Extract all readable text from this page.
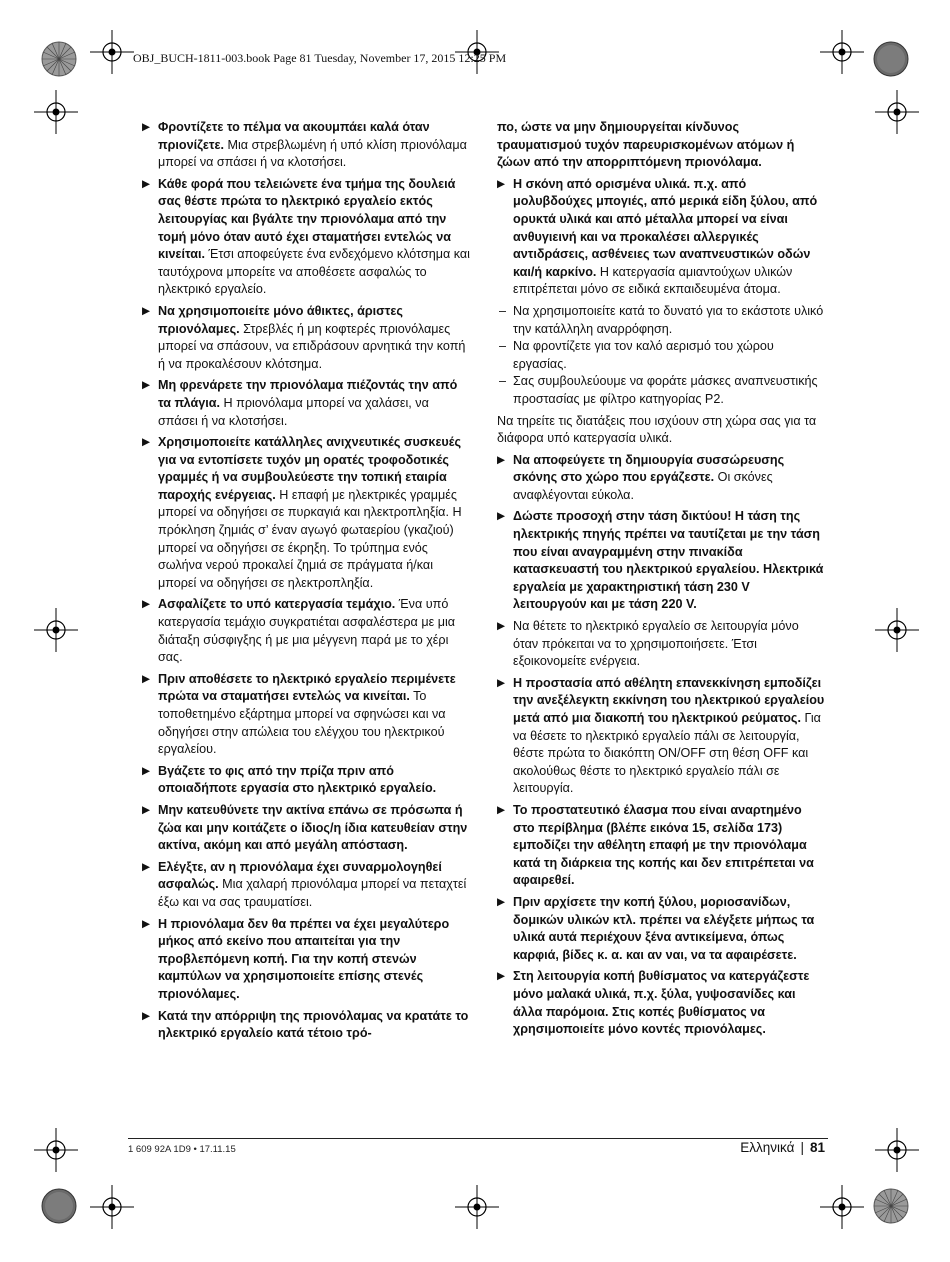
OBJ_BUCH-1811-003.book Page 81 Tuesday, November 17, 2015 12:25 PM

▶ Φροντίζετε το πέλμα να ακουμπάει καλά όταν πριονίζετε. Μια στρεβλωμένη ή υπό κλίση πριονόλαμα μπορεί να σπάσει ή να κλοτσήσει.

▶ Κάθε φορά που τελειώνετε ένα τμήμα της δουλειά σας θέστε πρώτα το ηλεκτρικό εργαλείο εκτός λειτουργίας και βγάλτε την πριονόλαμα από την τομή μόνο όταν αυτό έχει σταματήσει εντελώς να κινείται. Έτσι αποφεύγετε ένα ενδεχόμενο κλότσημα και ταυτόχρονα μπορείτε να αποθέσετε ασφαλώς το ηλεκτρικό εργαλείο.

▶ Να χρησιμοποιείτε μόνο άθικτες, άριστες πριονόλαμες. Στρεβλές ή μη κοφτερές πριονόλαμες μπορεί να σπάσουν, να επιδράσουν αρνητικά την κοπή ή να προκαλέσουν κλότσημα.

▶ Μη φρενάρετε την πριονόλαμα πιέζοντάς την από τα πλάγια. Η πριονόλαμα μπορεί να χαλάσει, να σπάσει ή να κλοτσήσει.

▶ Χρησιμοποιείτε κατάλληλες ανιχνευτικές συσκευές για να εντοπίσετε τυχόν μη ορατές τροφοδοτικές γραμμές ή να συμβουλεύεστε την τοπική εταιρία παροχής ενέργειας. Η επαφή με ηλεκτρικές γραμμές μπορεί να οδηγήσει σε πυρκαγιά και ηλεκτροπληξία. Η πρόκληση ζημιάς σ’ έναν αγωγό φωταερίου (γκαζιού) μπορεί να οδηγήσει σε έκρηξη. Το τρύπημα ενός σωλήνα νερού προκαλεί ζημιά σε πράγματα ή/και μπορεί να οδηγήσει σε ηλεκτροπληξία.

▶ Ασφαλίζετε το υπό κατεργασία τεμάχιο. Ένα υπό κατεργασία τεμάχιο συγκρατιέται ασφαλέστερα με μια διάταξη σύσφιγξης ή με μια μέγγενη παρά με το χέρι σας.

▶ Πριν αποθέσετε το ηλεκτρικό εργαλείο περιμένετε πρώτα να σταματήσει εντελώς να κινείται. Το τοποθετημένο εξάρτημα μπορεί να σφηνώσει και να οδηγήσει στην απώλεια του ελέγχου του ηλεκτρικού εργαλείου.

▶ Βγάζετε το φις από την πρίζα πριν από οποιαδήποτε εργασία στο ηλεκτρικό εργαλείο.

▶ Μην κατευθύνετε την ακτίνα επάνω σε πρόσωπα ή ζώα και μην κοιτάζετε ο ίδιος/η ίδια κατευθείαν στην ακτίνα, ακόμη και από μεγάλη απόσταση.

▶ Ελέγξτε, αν η πριονόλαμα έχει συναρμολογηθεί ασφαλώς. Μια χαλαρή πριονόλαμα μπορεί να πεταχτεί έξω και να σας τραυματίσει.

▶ Η πριονόλαμα δεν θα πρέπει να έχει μεγαλύτερο μήκος από εκείνο που απαιτείται για την προβλεπόμενη κοπή. Για την κοπή στενών καμπύλων να χρησιμοποιείτε επίσης στενές πριονόλαμες.

▶ Κατά την απόρριψη της πριονόλαμας να κρατάτε το ηλεκτρικό εργαλείο κατά τέτοιο τρό-

πο, ώστε να μην δημιουργείται κίνδυνος τραυματισμού τυχόν παρευρισκομένων ατόμων ή ζώων από την απορριπτόμενη πριονόλαμα.

▶ Η σκόνη από ορισμένα υλικά. π.χ. από μολυβδούχες μπογιές, από μερικά είδη ξύλου, από ορυκτά υλικά και από μέταλλα μπορεί να είναι ανθυγιεινή και να προκαλέσει αλλεργικές αντιδράσεις, ασθένειες των αναπνευστικών οδών και/ή καρκίνο. Η κατεργασία αμιαντούχων υλικών επιτρέπεται μόνο σε ειδικά εκπαιδευμένα άτομα.

– Να χρησιμοποιείτε κατά το δυνατό για το εκάστοτε υλικό την κατάλληλη αναρρόφηση.

– Να φροντίζετε για τον καλό αερισμό του χώρου εργασίας.

– Σας συμβουλεύουμε να φοράτε μάσκες αναπνευστικής προστασίας με φίλτρο κατηγορίας P2.

Να τηρείτε τις διατάξεις που ισχύουν στη χώρα σας για τα διάφορα υπό κατεργασία υλικά.

▶ Να αποφεύγετε τη δημιουργία συσσώρευσης σκόνης στο χώρο που εργάζεστε. Οι σκόνες αναφλέγονται εύκολα.

▶ Δώστε προσοχή στην τάση δικτύου! Η τάση της ηλεκτρικής πηγής πρέπει να ταυτίζεται με την τάση που είναι αναγραμμένη στην πινακίδα κατασκευαστή του ηλεκτρικού εργαλείου. Ηλεκτρικά εργαλεία με χαρακτηριστική τάση 230 V λειτουργούν και με τάση 220 V.

▶ Να θέτετε το ηλεκτρικό εργαλείο σε λειτουργία μόνο όταν πρόκειται να το χρησιμοποιήσετε. Έτσι εξοικονομείτε ενέργεια.

▶ Η προστασία από αθέλητη επανεκκίνηση εμποδίζει την ανεξέλεγκτη εκκίνηση του ηλεκτρικού εργαλείου μετά από μια διακοπή του ηλεκτρικού ρεύματος. Για να θέσετε το ηλεκτρικό εργαλείο πάλι σε λειτουργία, θέστε πρώτα το διακόπτη ON/OFF στη θέση OFF και ακολούθως θέστε το ηλεκτρικό εργαλείο πάλι σε λειτουργία.

▶ Το προστατευτικό έλασμα που είναι αναρτημένο στο περίβλημα (βλέπε εικόνα 15, σελίδα 173) εμποδίζει την αθέλητη επαφή με την πριονόλαμα κατά τη διάρκεια της κοπής και δεν επιτρέπεται να αφαιρεθεί.

▶ Πριν αρχίσετε την κοπή ξύλου, μοριοσανίδων, δομικών υλικών κτλ. πρέπει να ελέγξετε μήπως τα υλικά αυτά περιέχουν ξένα αντικείμενα, όπως καρφιά, βίδες κ. α. και αν ναι, να τα αφαιρέσετε.

▶ Στη λειτουργία κοπή βυθίσματος να κατεργάζεστε μόνο μαλακά υλικά, π.χ. ξύλα, γυψοσανίδες και άλλα παρόμοια. Στις κοπές βυθίσματος να χρησιμοποιείτε μόνο κοντές πριονόλαμες.

1 609 92A 1D9 • 17.11.15	Ελληνικά | 81
